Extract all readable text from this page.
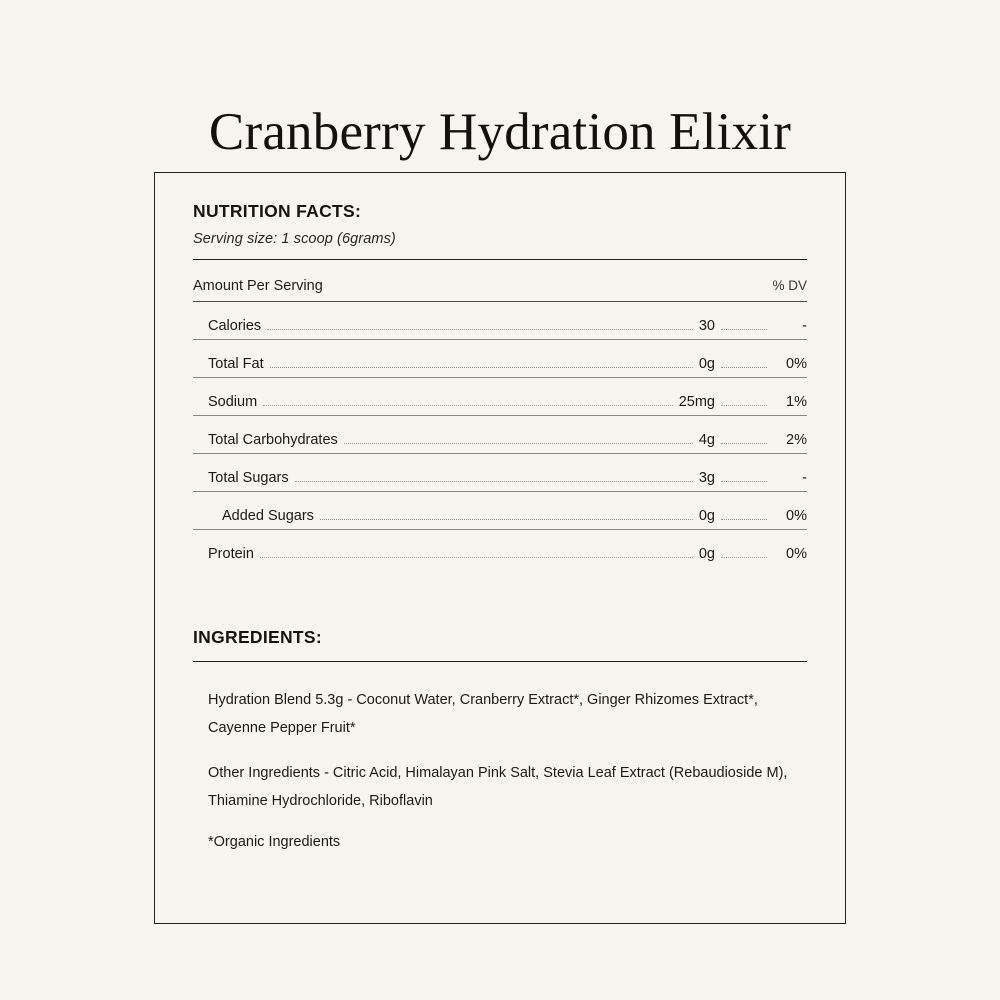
Cranberry Hydration Elixir
NUTRITION FACTS:
Serving size: 1 scoop (6grams)
Amount Per Serving	% DV
Calories	30	-
Total Fat	0g	0%
Sodium	25mg	1%
Total Carbohydrates	4g	2%
Total Sugars	3g	-
Added Sugars	0g	0%
Protein	0g	0%
INGREDIENTS:

Hydration Blend 5.3g - Coconut Water, Cranberry Extract*, Ginger Rhizomes Extract*, Cayenne Pepper Fruit*

Other Ingredients - Citric Acid, Himalayan Pink Salt, Stevia Leaf Extract (Rebaudioside M), Thiamine Hydrochloride, Riboflavin

*Organic Ingredients
